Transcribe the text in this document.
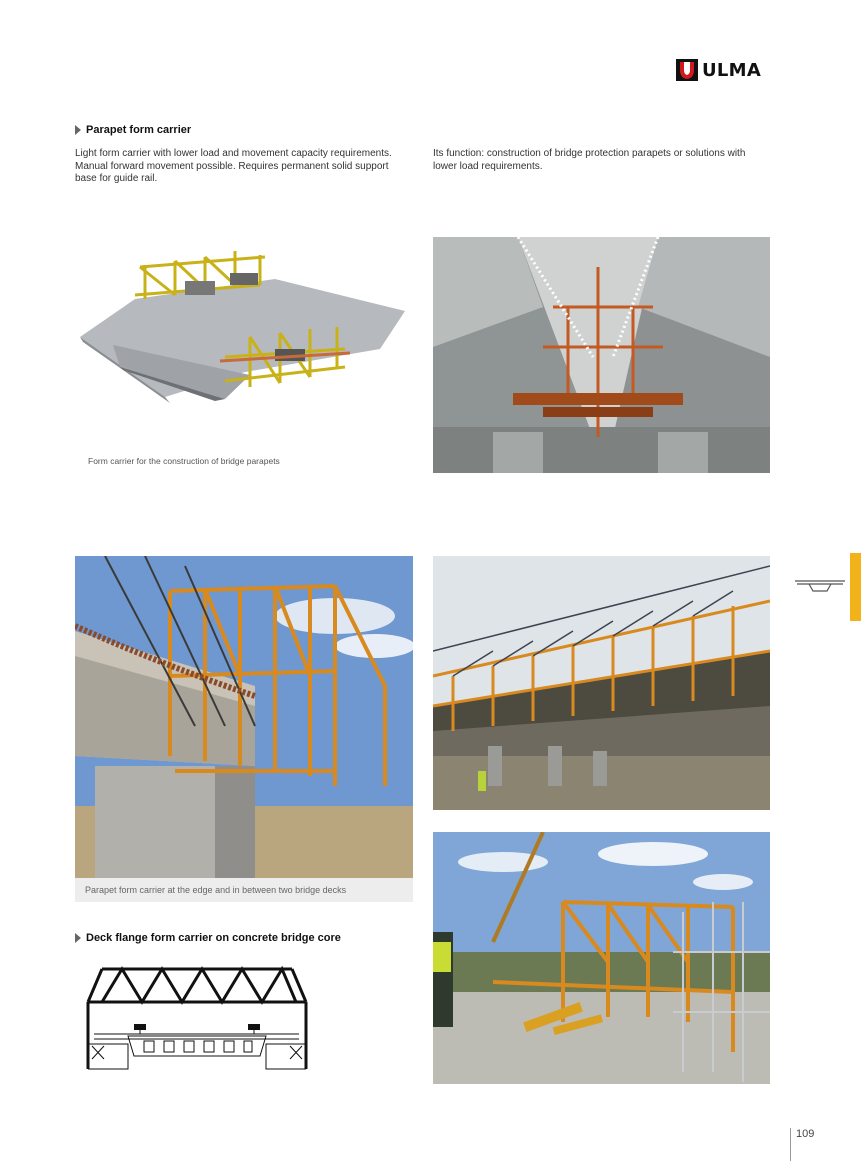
ULMA
Parapet form carrier
Light form carrier with lower load and movement capacity requirements. Manual forward movement possible. Requires permanent solid support base for guide rail.
Its function: construction of bridge protection parapets or solutions with lower load requirements.
Form carrier for the construction of bridge parapets
Parapet form carrier at the edge and in between two bridge decks
Deck flange form carrier on concrete bridge core
109
